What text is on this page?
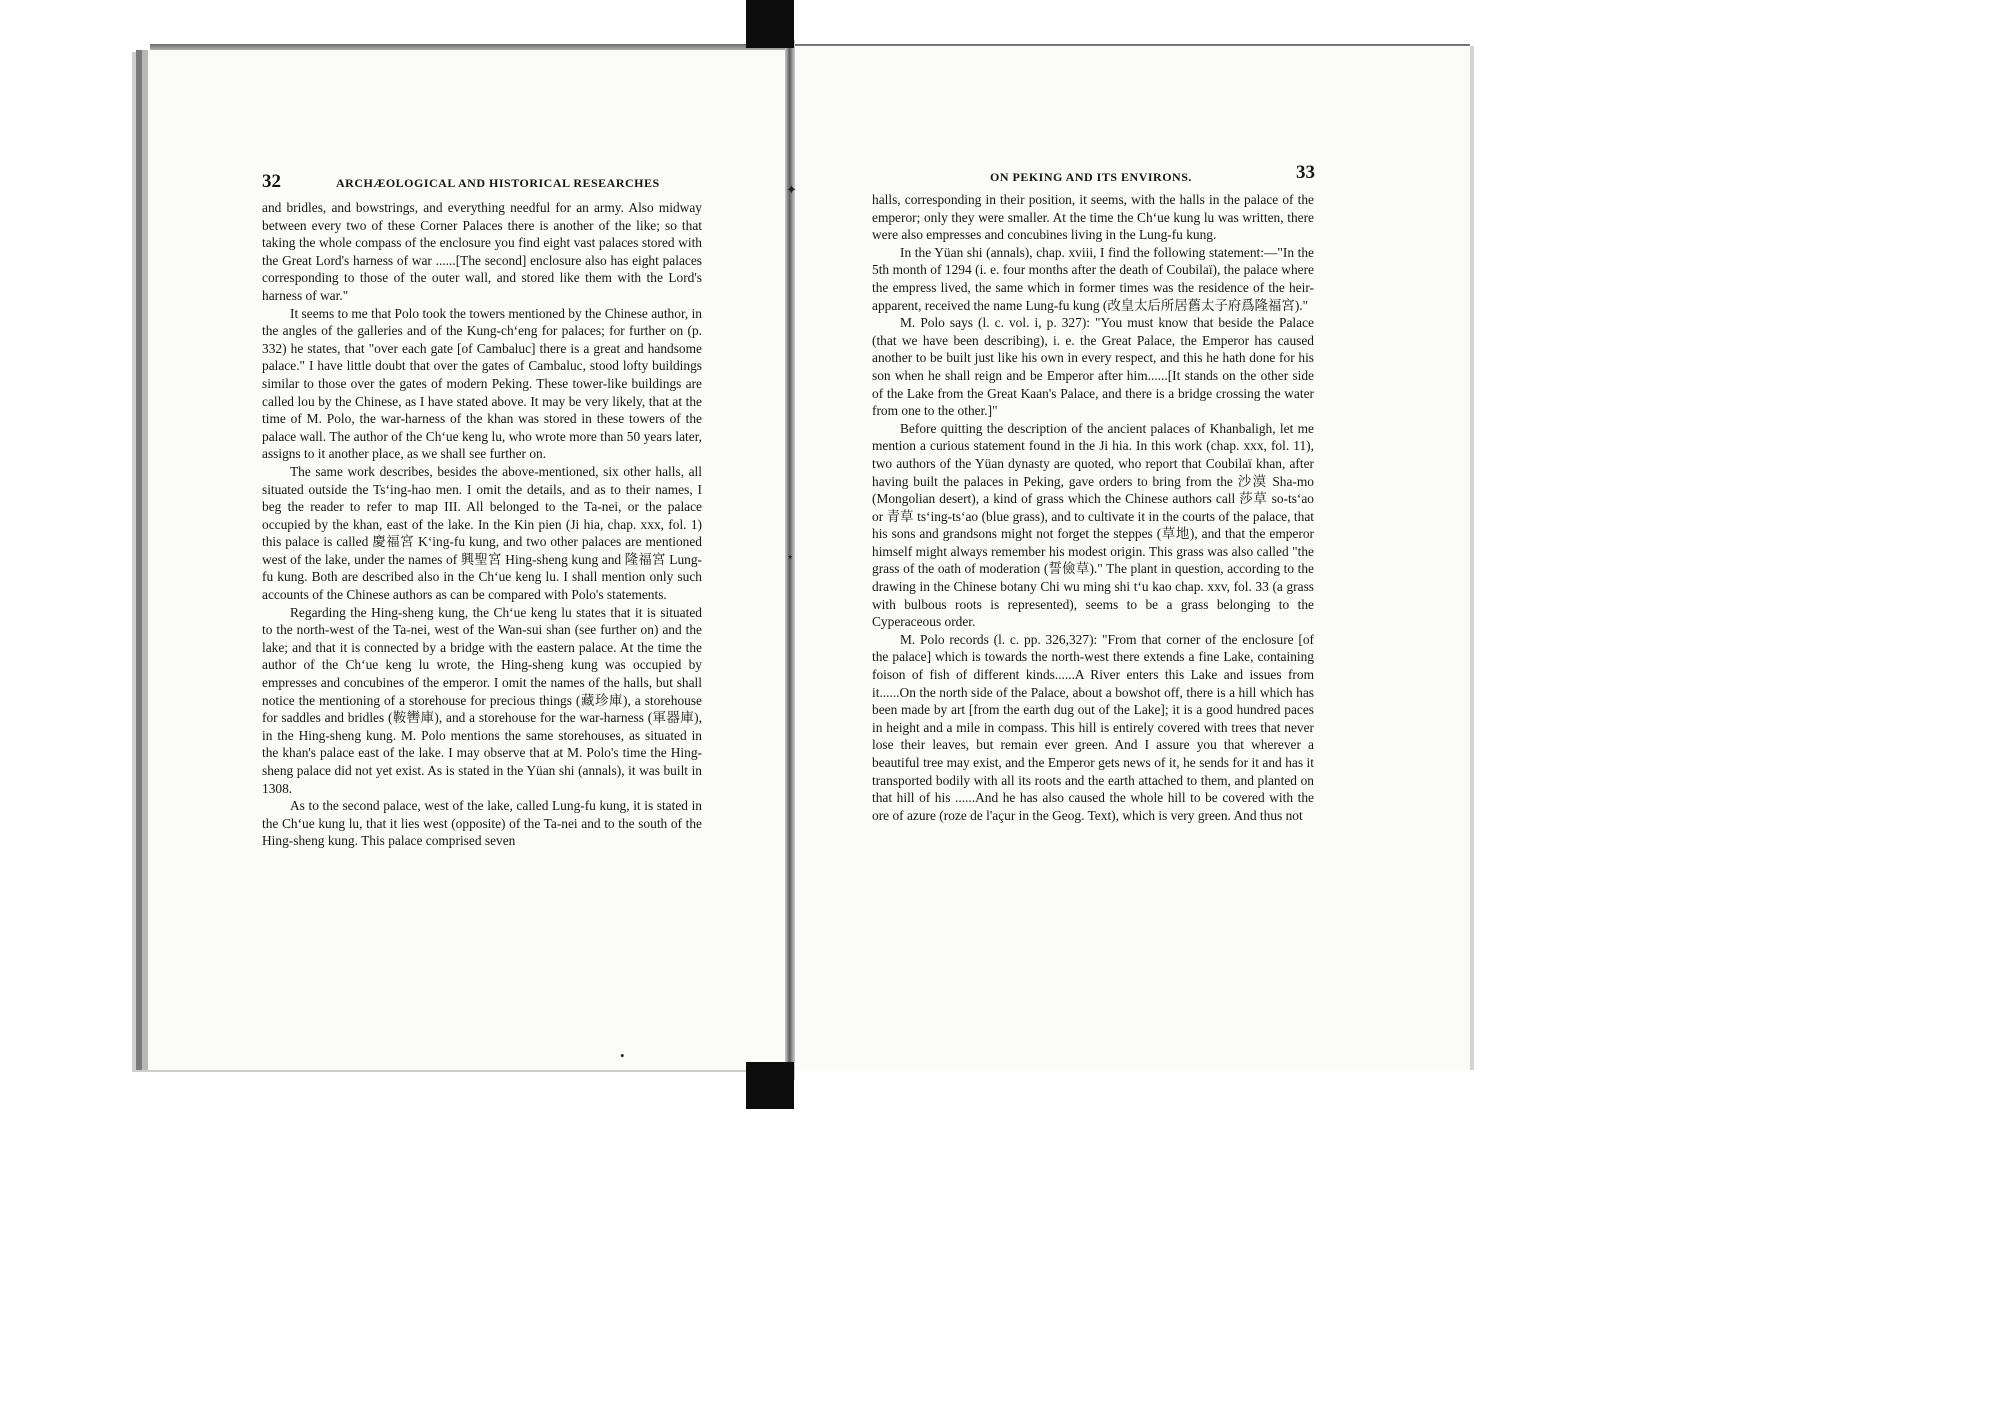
✦
⋆
•
32	ARCHÆOLOGICAL AND HISTORICAL RESEARCHES

and bridles, and bowstrings, and everything needful for an army. Also midway between every two of these Corner Palaces there is another of the like; so that taking the whole compass of the enclosure you find eight vast palaces stored with the Great Lord's harness of war ......[The second] enclosure also has eight palaces corresponding to those of the outer wall, and stored like them with the Lord's harness of war."

It seems to me that Polo took the towers mentioned by the Chinese author, in the angles of the galleries and of the Kung-chʻeng for palaces; for further on (p. 332) he states, that "over each gate [of Cambaluc] there is a great and handsome palace." I have little doubt that over the gates of Cambaluc, stood lofty buildings similar to those over the gates of modern Peking. These tower-like buildings are called lou by the Chinese, as I have stated above. It may be very likely, that at the time of M. Polo, the war-harness of the khan was stored in these towers of the palace wall. The author of the Chʻue keng lu, who wrote more than 50 years later, assigns to it another place, as we shall see further on.

The same work describes, besides the above-mentioned, six other halls, all situated outside the Tsʻing-hao men. I omit the details, and as to their names, I beg the reader to refer to map III. All belonged to the Ta-nei, or the palace occupied by the khan, east of the lake. In the Kin pien (Ji hia, chap. xxx, fol. 1) this palace is called 慶福宮 Kʻing-fu kung, and two other palaces are mentioned west of the lake, under the names of 興聖宮 Hing-sheng kung and 隆福宮 Lung-fu kung. Both are described also in the Chʻue keng lu. I shall mention only such accounts of the Chinese authors as can be compared with Polo's statements.

Regarding the Hing-sheng kung, the Chʻue keng lu states that it is situated to the north-west of the Ta-nei, west of the Wan-sui shan (see further on) and the lake; and that it is connected by a bridge with the eastern palace. At the time the author of the Chʻue keng lu wrote, the Hing-sheng kung was occupied by empresses and concubines of the emperor. I omit the names of the halls, but shall notice the mentioning of a storehouse for precious things (藏珍庫), a storehouse for saddles and bridles (鞍轡庫), and a storehouse for the war-harness (軍器庫), in the Hing-sheng kung. M. Polo mentions the same storehouses, as situated in the khan's palace east of the lake. I may observe that at M. Polo's time the Hing-sheng palace did not yet exist. As is stated in the Yüan shi (annals), it was built in 1308.

As to the second palace, west of the lake, called Lung-fu kung, it is stated in the Chʻue kung lu, that it lies west (opposite) of the Ta-nei and to the south of the Hing-sheng kung. This palace comprised seven

ON PEKING AND ITS ENVIRONS.	33

halls, corresponding in their position, it seems, with the halls in the palace of the emperor; only they were smaller. At the time the Chʻue kung lu was written, there were also empresses and concubines living in the Lung-fu kung.

In the Yüan shi (annals), chap. xviii, I find the following statement:—"In the 5th month of 1294 (i. e. four months after the death of Coubilaï), the palace where the empress lived, the same which in former times was the residence of the heir-apparent, received the name Lung-fu kung (改皇太后所居舊太子府爲隆福宮)."

M. Polo says (l. c. vol. i, p. 327): "You must know that beside the Palace (that we have been describing), i. e. the Great Palace, the Emperor has caused another to be built just like his own in every respect, and this he hath done for his son when he shall reign and be Emperor after him......[It stands on the other side of the Lake from the Great Kaan's Palace, and there is a bridge crossing the water from one to the other.]"

Before quitting the description of the ancient palaces of Khanbaligh, let me mention a curious statement found in the Ji hia. In this work (chap. xxx, fol. 11), two authors of the Yüan dynasty are quoted, who report that Coubilaï khan, after having built the palaces in Peking, gave orders to bring from the 沙漠 Sha-mo (Mongolian desert), a kind of grass which the Chinese authors call 莎草 so-tsʻao or 青草 tsʻing-tsʻao (blue grass), and to cultivate it in the courts of the palace, that his sons and grandsons might not forget the steppes (草地), and that the emperor himself might always remember his modest origin. This grass was also called "the grass of the oath of moderation (誓儉草)." The plant in question, according to the drawing in the Chinese botany Chi wu ming shi tʻu kao chap. xxv, fol. 33 (a grass with bulbous roots is represented), seems to be a grass belonging to the Cyperaceous order.

M. Polo records (l. c. pp. 326,327): "From that corner of the enclosure [of the palace] which is towards the north-west there extends a fine Lake, containing foison of fish of different kinds......A River enters this Lake and issues from it......On the north side of the Palace, about a bowshot off, there is a hill which has been made by art [from the earth dug out of the Lake]; it is a good hundred paces in height and a mile in compass. This hill is entirely covered with trees that never lose their leaves, but remain ever green. And I assure you that wherever a beautiful tree may exist, and the Emperor gets news of it, he sends for it and has it transported bodily with all its roots and the earth attached to them, and planted on that hill of his ......And he has also caused the whole hill to be covered with the ore of azure (roze de l'açur in the Geog. Text), which is very green. And thus not
